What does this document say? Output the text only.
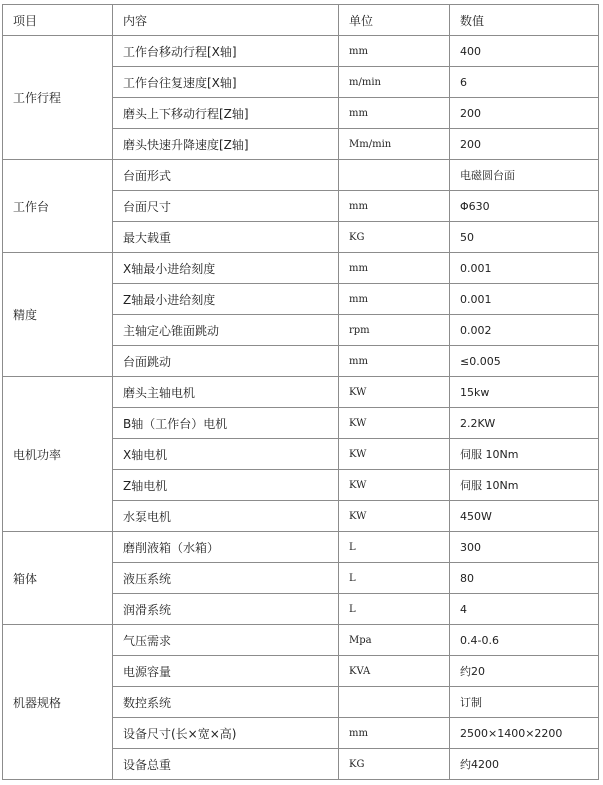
项目	内容	单位	数值
工作行程	工作台移动行程[X轴]	mm	400
	工作台往复速度[X轴]	m/min	6
	磨头上下移动行程[Z轴]	mm	200
	磨头快速升降速度[Z轴]	Mm/min	200
工作台	台面形式		电磁圆台面
	台面尺寸	mm	Φ630
	最大载重	KG	50
精度	X轴最小进给刻度	mm	0.001
	Z轴最小进给刻度	mm	0.001
	主轴定心锥面跳动	rpm	0.002
	台面跳动	mm	≤0.005
电机功率	磨头主轴电机	KW	15kw
	B轴（工作台）电机	KW	2.2KW
	X轴电机	KW	伺服 10Nm
	Z轴电机	KW	伺服 10Nm
	水泵电机	KW	450W
箱体	磨削液箱（水箱）	L	300
	液压系统	L	80
	润滑系统	L	4
机器规格	气压需求	Mpa	0.4-0.6
	电源容量	KVA	约20
	数控系统		订制
	设备尺寸(长×宽×高)	mm	2500×1400×2200
	设备总重	KG	约4200
